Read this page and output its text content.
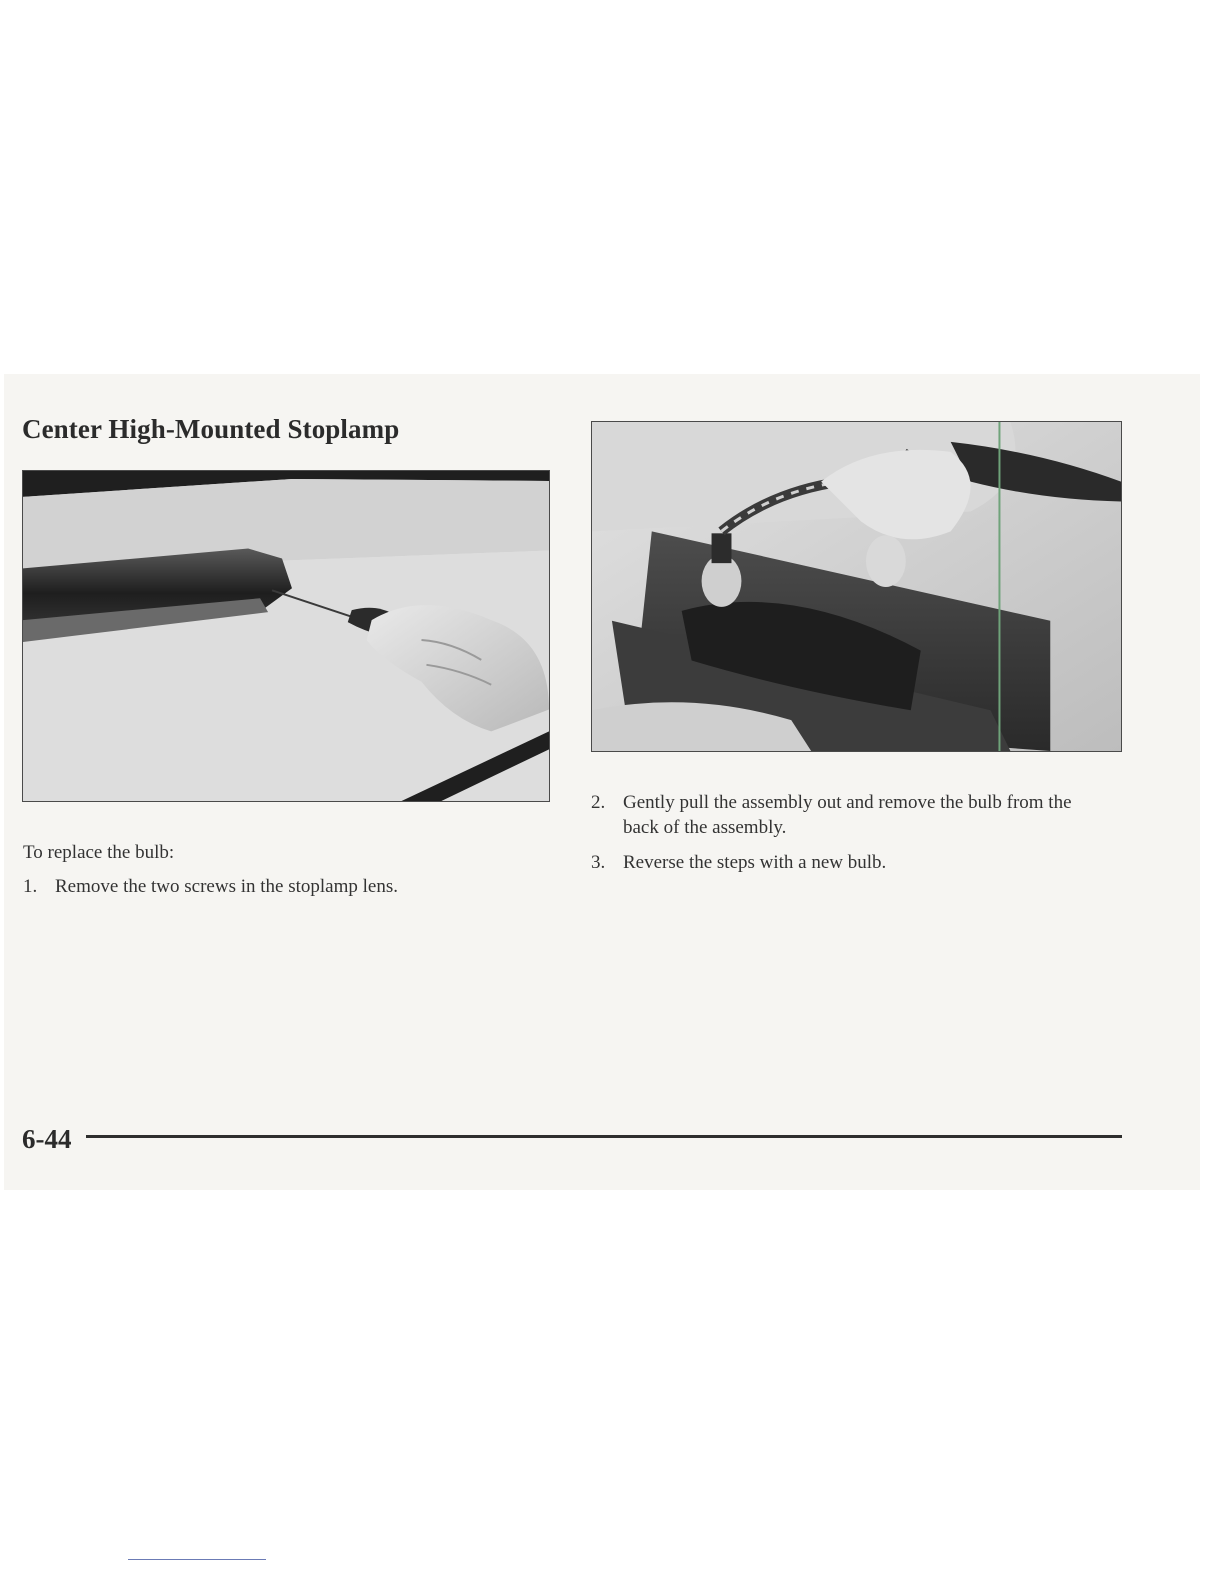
Center High-Mounted Stoplamp
To replace the bulb:
1. Remove the two screws in the stoplamp lens.
2. Gently pull the assembly out and remove the bulb from the back of the assembly.
3. Reverse the steps with a new bulb.
6-44
